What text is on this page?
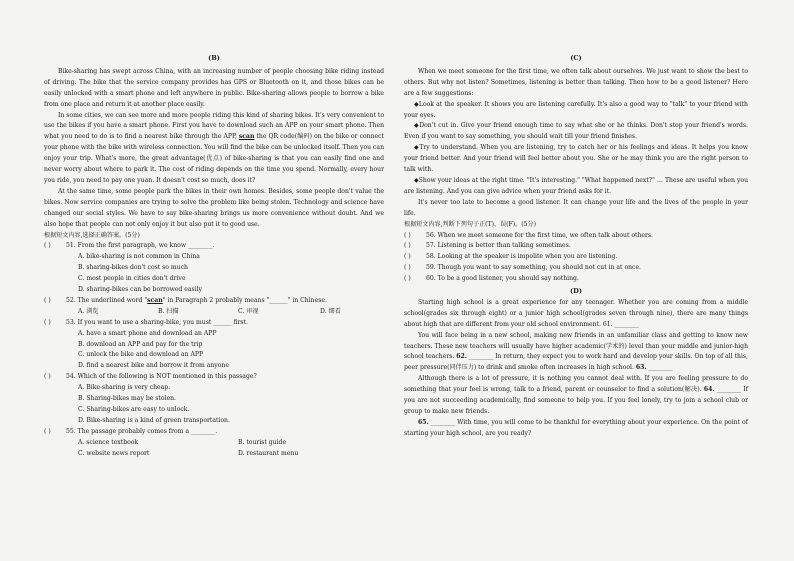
(B)

Bike-sharing has swept across China, with an increasing number of people choosing bike riding instead of driving. The bike that the service company provides has GPS or Bluetooth on it, and those bikes can be easily unlocked with a smart phone and left anywhere in public. Bike-sharing allows people to borrow a bike from one place and return it at another place easily.

In some cities, we can see more and more people riding this kind of sharing bikes. It's very convenient to use the bikes if you have a smart phone. First you have to download such an APP on your smart phone. Then what you need to do is to find a nearest bike through the APP, scan the QR code(编码) on the bike or connect your phone with the bike with wireless connection. You will find the bike can be unlocked itself. Then you can enjoy your trip. What's more, the great advantage(优点) of bike-sharing is that you can easily find one and never worry about where to park it. The cost of riding depends on the time you spend. Normally, every hour you ride, you need to pay one yuan. It doesn't cost so much, does it?

At the same time, some people park the bikes in their own homes. Besides, some people don't value the bikes. Now service companies are trying to solve the problem like being stolen. Technology and science have changed our social styles. We have to say bike-sharing brings us more convenience without doubt. And we also hope that people can not only enjoy it but also put it to good use.

根据短文内容,选择正确答案。(5分)

( )	51. From the first paragraph, we know ________.

A. bike-sharing is not common in China

B. sharing-bikes don't cost so much

C. most people in cities don't drive

D. sharing-bikes can be borrowed easily

( )	52. The underlined word "scan" in Paragraph 2 probably means "______" in Chinese.

A. 浏览	B. 扫描	C. 审视	D. 细看

( )	53. If you want to use a sharing-bike, you must ______ first.

A. have a smart phone and download an APP

B. download an APP and pay for the trip

C. unlock the bike and download an APP

D. find a nearest bike and borrow it from anyone

( )	54. Which of the following is NOT mentioned in this passage?

A. Bike-sharing is very cheap.

B. Sharing-bikes may be stolen.

C. Sharing-bikes are easy to unlock.

D. Bike-sharing is a kind of green transportation.

( )	55. The passage probably comes from a ________.

A. science textbook	B. tourist guide
C. website news report	D. restaurant menu
(C)

When we meet someone for the first time, we often talk about ourselves. We just want to show the best to others. But why not listen? Sometimes, listening is better than talking. Then how to be a good listener? Here are a few suggestions:

◆Look at the speaker. It shows you are listening carefully. It's also a good way to "talk" to your friend with your eyes.

◆Don't cut in. Give your friend enough time to say what she or he thinks. Don't stop your friend's words. Even if you want to say something, you should wait till your friend finishes.

◆Try to understand. When you are listening, try to catch her or his feelings and ideas. It helps you know your friend better. And your friend will feel better about you. She or he may think you are the right person to talk with.

◆Show your ideas at the right time. "It's interesting." "What happened next?" … These are useful when you are listening. And you can give advice when your friend asks for it.

It's never too late to become a good listener. It can change your life and the lives of the people in your life.

根据短文内容,判断下列句子正(T)、误(F)。(5分)

( )	56. When we meet someone for the first time, we often talk about others.

( )	57. Listening is better than talking sometimes.

( )	58. Looking at the speaker is impolite when you are listening.

( )	59. Though you want to say something, you should not cut in at once.

( )	60. To be a good listener, you should say nothing.

(D)

Starting high school is a great experience for any teenager. Whether you are coming from a middle school(grades six through eight) or a junior high school(grades seven through nine), there are many things about high that are different from your old school environment. 61. ________

You will face being in a new school, making new friends in an unfamiliar class and getting to know new teachers. These new teachers will usually have higher academic(学术的) level than your middle and junior-high school teachers. 62. ________ In return, they expect you to work hard and develop your skills. On top of all this, peer pressure(同伴压力) to drink and smoke often increases in high school. 63. ________

Although there is a lot of pressure, it is nothing you cannot deal with. If you are feeling pressure to do something that your feel is wrong, talk to a friend, parent or counselor to find a solution(解决). 64. ________ If you are not succeeding academically, find someone to help you. If you feel lonely, try to join a school club or group to make new friends.

65. ________ With time, you will come to be thankful for everything about your experience. On the point of starting your high school, are you ready?
